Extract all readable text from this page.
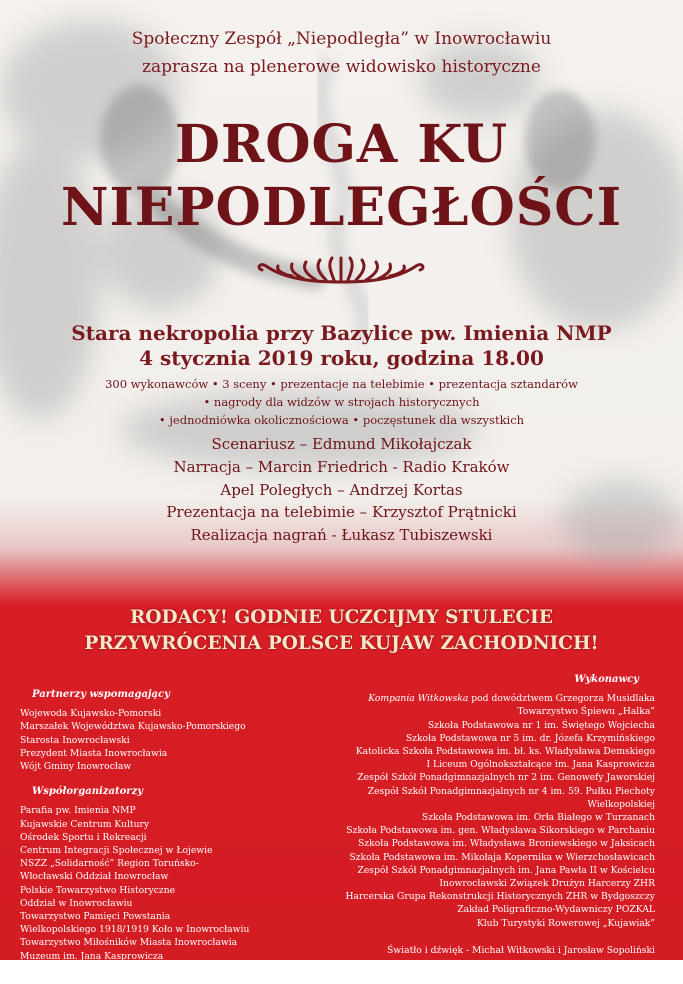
Społeczny Zespół „Niepodległa” w Inowrocławiu
zaprasza na plenerowe widowisko historyczne
DROGA KU
NIEPODLEGŁOŚCI
Stara nekropolia przy Bazylice pw. Imienia NMP
4 stycznia 2019 roku, godzina 18.00
300 wykonawców • 3 sceny • prezentacje na telebimie • prezentacja sztandarów
• nagrody dla widzów w strojach historycznych
• jednodniówka okolicznościowa • poczęstunek dla wszystkich
Scenariusz – Edmund Mikołajczak
Narracja – Marcin Friedrich - Radio Kraków
Apel Poległych – Andrzej Kortas
Prezentacja na telebimie – Krzysztof Prątnicki
Realizacja nagrań - Łukasz Tubiszewski
RODACY! GODNIE UCZCIJMY STULECIE
PRZYWRÓCENIA POLSCE KUJAW ZACHODNICH!
Partnerzy wspomagający
Wojewoda Kujawsko-Pomorski
Marszałek Województwa Kujawsko-Pomorskiego
Starosta Inowrocławski
Prezydent Miasta Inowrocławia
Wójt Gminy Inowrocław
Współorganizatorzy
Parafia pw. Imienia NMP
Kujawskie Centrum Kultury
Ośrodek Sportu i Rekreacji
Centrum Integracji Społecznej w Łojewie
NSZZ „Solidarność” Region Toruńsko-
Włocławski Oddział Inowrocław
Polskie Towarzystwo Historyczne
Oddział w Inowrocławiu
Towarzystwo Pamięci Powstania
Wielkopolskiego 1918/1919 Koło w Inowrocławiu
Towarzystwo Miłośników Miasta Inowrocławia
Muzeum im. Jana Kasprowicza
Młodzieżowy Dom Kultury im. Janusza Korczaka
Wykonawcy
Kompania Witkowska pod dowództwem Grzegorza Musidlaka
Towarzystwo Śpiewu „Halka”
Szkoła Podstawowa nr 1 im. Świętego Wojciecha
Szkoła Podstawowa nr 5 im. dr. Józefa Krzymińskiego
Katolicka Szkoła Podstawowa im. bł. ks. Władysława Demskiego
I Liceum Ogólnokształcące im. Jana Kasprowicza
Zespół Szkół Ponadgimnazjalnych nr 2 im. Genowefy Jaworskiej
Zespół Szkół Ponadgimnazjalnych nr 4 im. 59. Pułku Piechoty Wielkopolskiej
Szkoła Podstawowa im. Orła Białego w Turzanach
Szkoła Podstawowa im. gen. Władysława Sikorskiego w Parchaniu
Szkoła Podstawowa im. Władysława Broniewskiego w Jaksicach
Szkoła Podstawowa im. Mikołaja Kopernika w Wierzchosławicach
Zespół Szkół Ponadgimnazjalnych im. Jana Pawła II w Kościelcu
Inowrocławski Związek Drużyn Harcerzy ZHR
Harcerska Grupa Rekonstrukcji Historycznych ZHR w Bydgoszczy
Zakład Poligraficzno-Wydawniczy POZKAL
Klub Turystyki Rowerowej „Kujawiak”
Światło i dźwięk - Michał Witkowski i Jarosław Sopoliński
Projekt plakatu - Jarosław Wojtasiński
